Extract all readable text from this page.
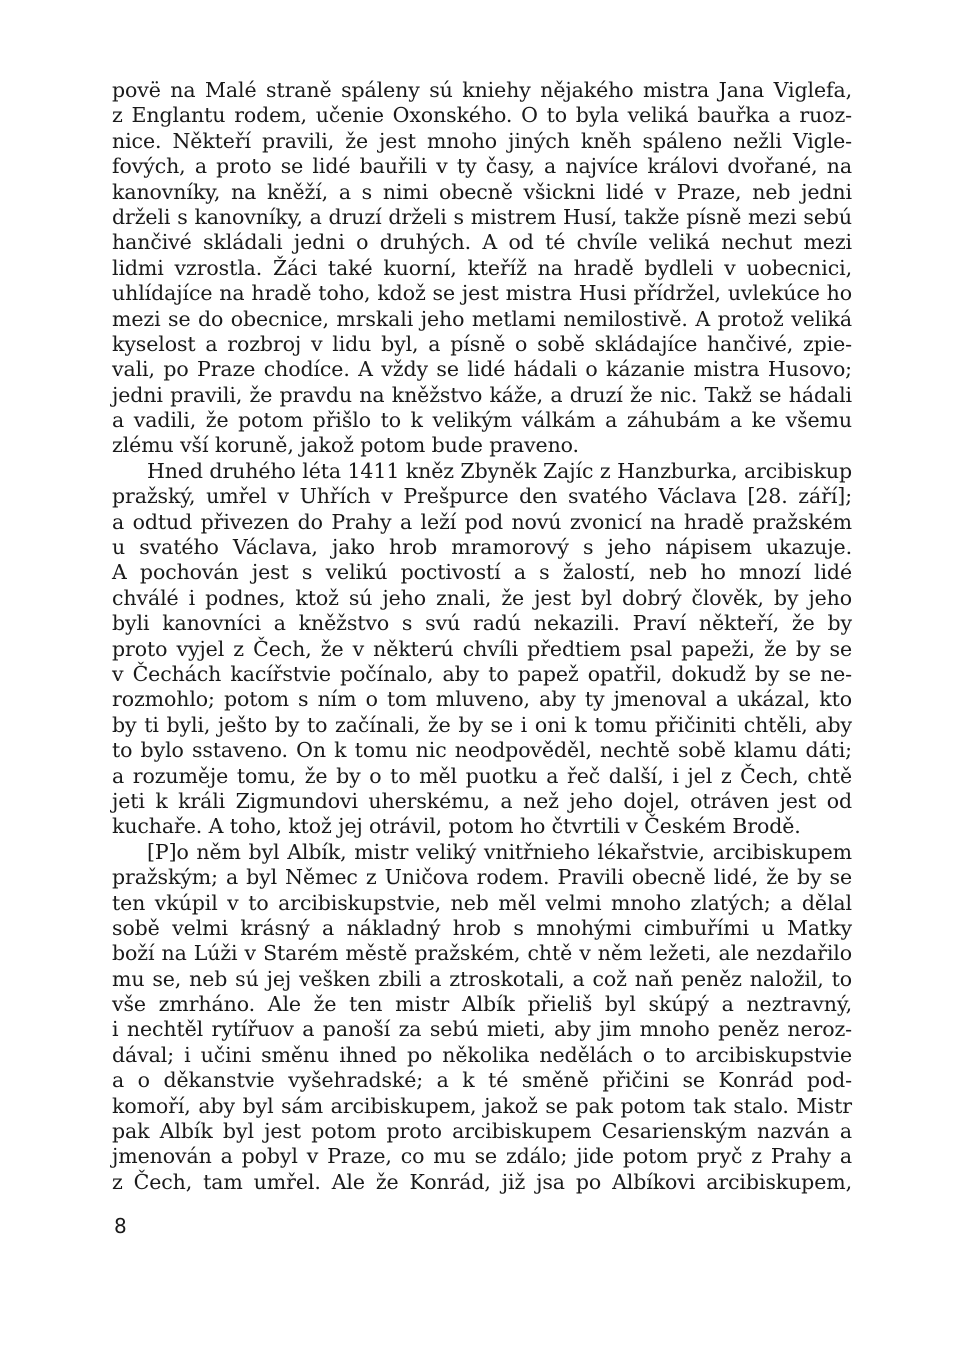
povë na Malé straně spáleny sú kniehy nějakého mistra Jana Viglefa,
z Englantu rodem, učenie Oxonského. O to byla veliká bauřka a ruoz-
nice. Někteří pravili, že jest mnoho jiných kněh spáleno nežli Vigle-
fových, a proto se lidé bauřili v ty časy, a najvíce královi dvořané, na
kanovníky, na kněží, a s nimi obecně všickni lidé v Praze, neb jedni
drželi s kanovníky, a druzí drželi s mistrem Husí, takže písně mezi sebú
hančivé skládali jedni o druhých. A od té chvíle veliká nechut mezi
lidmi vzrostla. Žáci také kuorní, kteříž na hradě bydleli v uobecnici,
uhlídajíce na hradě toho, kdož se jest mistra Husi přídržel, uvlekúce ho
mezi se do obecnice, mrskali jeho metlami nemilostivě. A protož veliká
kyselost a rozbroj v lidu byl, a písně o sobě skládajíce hančivé, zpie-
vali, po Praze chodíce. A vždy se lidé hádali o kázanie mistra Husovo;
jedni pravili, že pravdu na kněžstvo káže, a druzí že nic. Takž se hádali
a vadili, že potom přišlo to k velikým válkám a záhubám a ke všemu
zlému vší koruně, jakož potom bude praveno.
Hned druhého léta 1411 kněz Zbyněk Zajíc z Hanzburka, arcibiskup
pražský, umřel v Uhřích v Prešpurce den svatého Václava [28. září];
a odtud přivezen do Prahy a leží pod novú zvonicí na hradě pražském
u svatého Václava, jako hrob mramorový s jeho nápisem ukazuje.
A pochován jest s velikú poctivostí a s žalostí, neb ho mnozí lidé
chválé i podnes, ktož sú jeho znali, že jest byl dobrý člověk, by jeho
byli kanovníci a kněžstvo s svú radú nekazili. Praví někteří, že by
proto vyjel z Čech, že v některú chvíli předtiem psal papeži, že by se
v Čechách kacířstvie počínalo, aby to papež opatřil, dokudž by se ne-
rozmohlo; potom s ním o tom mluveno, aby ty jmenoval a ukázal, kto
by ti byli, ješto by to začínali, že by se i oni k tomu přičiniti chtěli, aby
to bylo sstaveno. On k tomu nic neodpověděl, nechtě sobě klamu dáti;
a rozuměje tomu, že by o to měl puotku a řeč další, i jel z Čech, chtě
jeti k králi Zigmundovi uherskému, a než jeho dojel, otráven jest od
kuchaře. A toho, ktož jej otrávil, potom ho čtvrtili v Českém Brodě.
[P]o něm byl Albík, mistr veliký vnitřnieho lékařstvie, arcibiskupem
pražským; a byl Němec z Uničova rodem. Pravili obecně lidé, že by se
ten vkúpil v to arcibiskupstvie, neb měl velmi mnoho zlatých; a dělal
sobě velmi krásný a nákladný hrob s mnohými cimbuřími u Matky
boží na Lúži v Starém městě pražském, chtě v něm ležeti, ale nezdařilo
mu se, neb sú jej vešken zbili a ztroskotali, a což naň peněz naložil, to
vše zmrháno. Ale že ten mistr Albík přieliš byl skúpý a neztravný,
i nechtěl rytířuov a panoší za sebú mieti, aby jim mnoho peněz neroz-
dával; i učini směnu ihned po několika nedělách o to arcibiskupstvie
a o děkanstvie vyšehradské; a k té směně přičini se Konrád pod-
komoří, aby byl sám arcibiskupem, jakož se pak potom tak stalo. Mistr
pak Albík byl jest potom proto arcibiskupem Cesarienským nazván a
jmenován a pobyl v Praze, co mu se zdálo; jide potom pryč z Prahy a
z Čech, tam umřel. Ale že Konrád, již jsa po Albíkovi arcibiskupem,
8
